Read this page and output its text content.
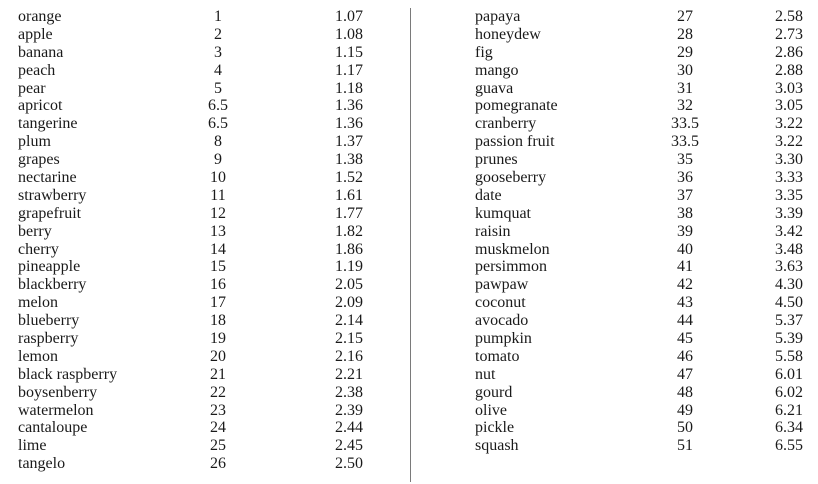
orange	1	1.07
apple	2	1.08
banana	3	1.15
peach	4	1.17
pear	5	1.18
apricot	6.5	1.36
tangerine	6.5	1.36
plum	8	1.37
grapes	9	1.38
nectarine	10	1.52
strawberry	11	1.61
grapefruit	12	1.77
berry	13	1.82
cherry	14	1.86
pineapple	15	1.19
blackberry	16	2.05
melon	17	2.09
blueberry	18	2.14
raspberry	19	2.15
lemon	20	2.16
black raspberry	21	2.21
boysenberry	22	2.38
watermelon	23	2.39
cantaloupe	24	2.44
lime	25	2.45
tangelo	26	2.50
papaya	27	2.58
honeydew	28	2.73
fig	29	2.86
mango	30	2.88
guava	31	3.03
pomegranate	32	3.05
cranberry	33.5	3.22
passion fruit	33.5	3.22
prunes	35	3.30
gooseberry	36	3.33
date	37	3.35
kumquat	38	3.39
raisin	39	3.42
muskmelon	40	3.48
persimmon	41	3.63
pawpaw	42	4.30
coconut	43	4.50
avocado	44	5.37
pumpkin	45	5.39
tomato	46	5.58
nut	47	6.01
gourd	48	6.02
olive	49	6.21
pickle	50	6.34
squash	51	6.55
